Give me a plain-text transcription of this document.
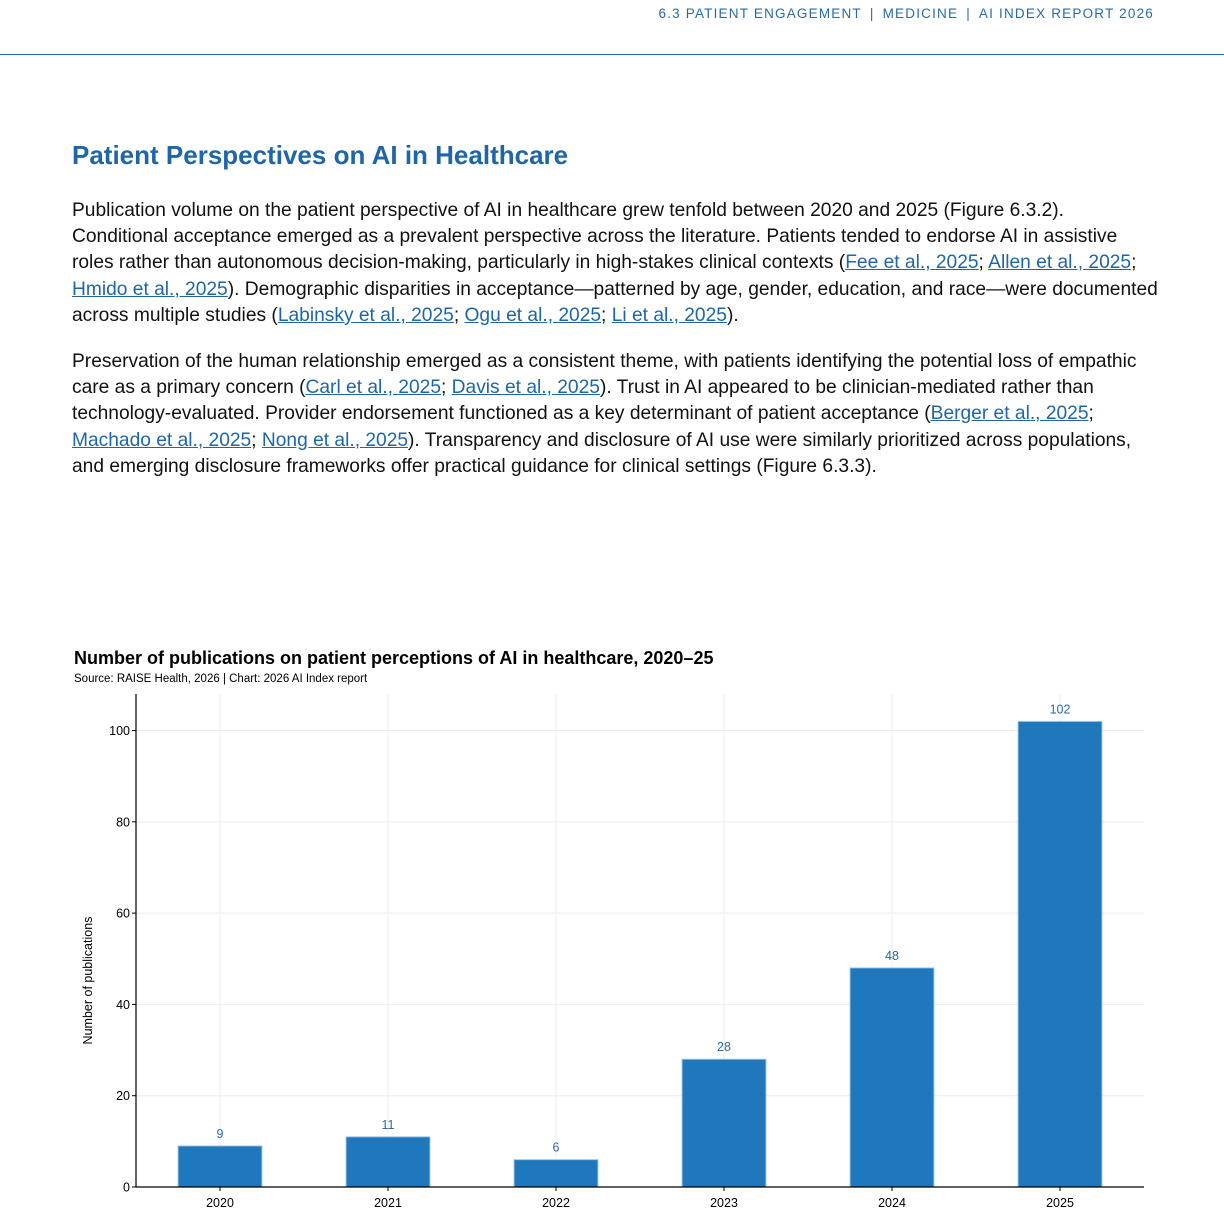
6.3 PATIENT ENGAGEMENT | MEDICINE | AI INDEX REPORT 2026
Patient Perspectives on AI in Healthcare

Publication volume on the patient perspective of AI in healthcare grew tenfold between 2020 and 2025 (Figure 6.3.2). Conditional acceptance emerged as a prevalent perspective across the literature. Patients tended to endorse AI in assistive roles rather than autonomous decision-making, particularly in high-stakes clinical contexts (Fee et al., 2025; Allen et al., 2025; Hmido et al., 2025). Demographic disparities in acceptance—patterned by age, gender, education, and race—were documented across multiple studies (Labinsky et al., 2025; Ogu et al., 2025; Li et al., 2025).

Preservation of the human relationship emerged as a consistent theme, with patients identifying the potential loss of empathic care as a primary concern (Carl et al., 2025; Davis et al., 2025). Trust in AI appeared to be clinician-mediated rather than technology-evaluated. Provider endorsement functioned as a key determinant of patient acceptance (Berger et al., 2025; Machado et al., 2025; Nong et al., 2025). Transparency and disclosure of AI use were similarly prioritized across populations, and emerging disclosure frameworks offer practical guidance for clinical settings (Figure 6.3.3).

Number of publications on patient perceptions of AI in healthcare, 2020–25
Source: RAISE Health, 2026 | Chart: 2026 AI Index report
0
20
40
60
80
100
9
2020
11
2021
6
2022
28
2023
48
2024
102
2025
Number of publications
